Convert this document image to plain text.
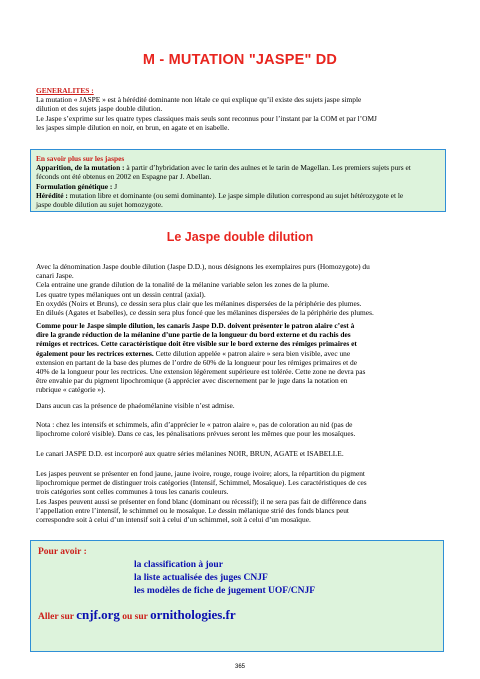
M - MUTATION "JASPE" DD
GENERALITES :
La mutation « JASPE » est à hérédité dominante non létale ce qui explique qu’il existe des sujets jaspe simple
dilution et des sujets jaspe double dilution.
Le Jaspe s’exprime sur les quatre types classiques mais seuls sont reconnus pour l’instant par la COM et par l’OMJ
les jaspes simple dilution en noir, en brun, en agate et en isabelle.
En savoir plus sur les jaspes
Apparition, de la mutation : à partir d’hybridation avec le tarin des aulnes et le tarin de Magellan. Les premiers sujets purs et
féconds ont été obtenus en 2002 en Espagne par J. Abellan.
Formulation génétique : J
Hérédité : mutation libre et dominante (ou semi dominante). Le jaspe simple dilution correspond au sujet hétérozygote et le
jaspe double dilution au sujet homozygote.
Le Jaspe double dilution
Avec la dénomination Jaspe double dilution (Jaspe D.D.), nous désignons les exemplaires purs (Homozygote) du
canari Jaspe.
Cela entraine une grande dilution de la tonalité de la mélanine variable selon les zones de la plume.
Les quatre types mélaniques ont un dessin central (axial).
En oxydés (Noirs et Bruns), ce dessin sera plus clair que les mélanines dispersées de la périphérie des plumes.
En dilués (Agates et Isabelles), ce dessin sera plus foncé que les mélanines dispersées de la périphérie des plumes.
Comme pour le Jaspe simple dilution, les canaris Jaspe D.D. doivent présenter le patron alaire c’est à
dire la grande réduction de la mélanine d’une partie de la longueur du bord externe et du rachis des
rémiges et rectrices. Cette caractéristique doit être visible sur le bord externe des rémiges primaires et
également pour les rectrices externes. Cette dilution appelée « patron alaire » sera bien visible, avec une
extension en partant de la base des plumes de l’ordre de 60% de la longueur pour les rémiges primaires et de
40% de la longueur pour les rectrices. Une extension légèrement supérieure est tolérée. Cette zone ne devra pas
être envahie par du pigment lipochromique (à apprécier avec discernement par le juge dans la notation en
rubrique « catégorie »).
Dans aucun cas la présence de phaéomélanine visible n’est admise.
Nota : chez les intensifs et schimmels, afin d’apprécier le « patron alaire », pas de coloration au nid (pas de
lipochrome coloré visible). Dans ce cas, les pénalisations prévues seront les mêmes que pour les mosaïques.
Le canari JASPE D.D. est incorporé aux quatre séries mélanines NOIR, BRUN, AGATE et ISABELLE.
Les jaspes peuvent se présenter en fond jaune, jaune ivoire, rouge, rouge ivoire; alors, la répartition du pigment
lipochromique permet de distinguer trois catégories (Intensif, Schimmel, Mosaïque). Les caractéristiques de ces
trois catégories sont celles communes à tous les canaris couleurs.
Les Jaspes peuvent aussi se présenter en fond blanc (dominant ou récessif); il ne sera pas fait de différence dans
l’appellation entre l’intensif, le schimmel ou le mosaïque. Le dessin mélanique strié des fonds blancs peut
correspondre soit à celui d’un intensif soit à celui d’un schimmel, soit à celui d’un mosaïque.
Pour avoir :
la classification à jour
la liste actualisée des juges CNJF
les modèles de fiche de jugement UOF/CNJF
Aller sur cnjf.org ou sur ornithologies.fr
365
